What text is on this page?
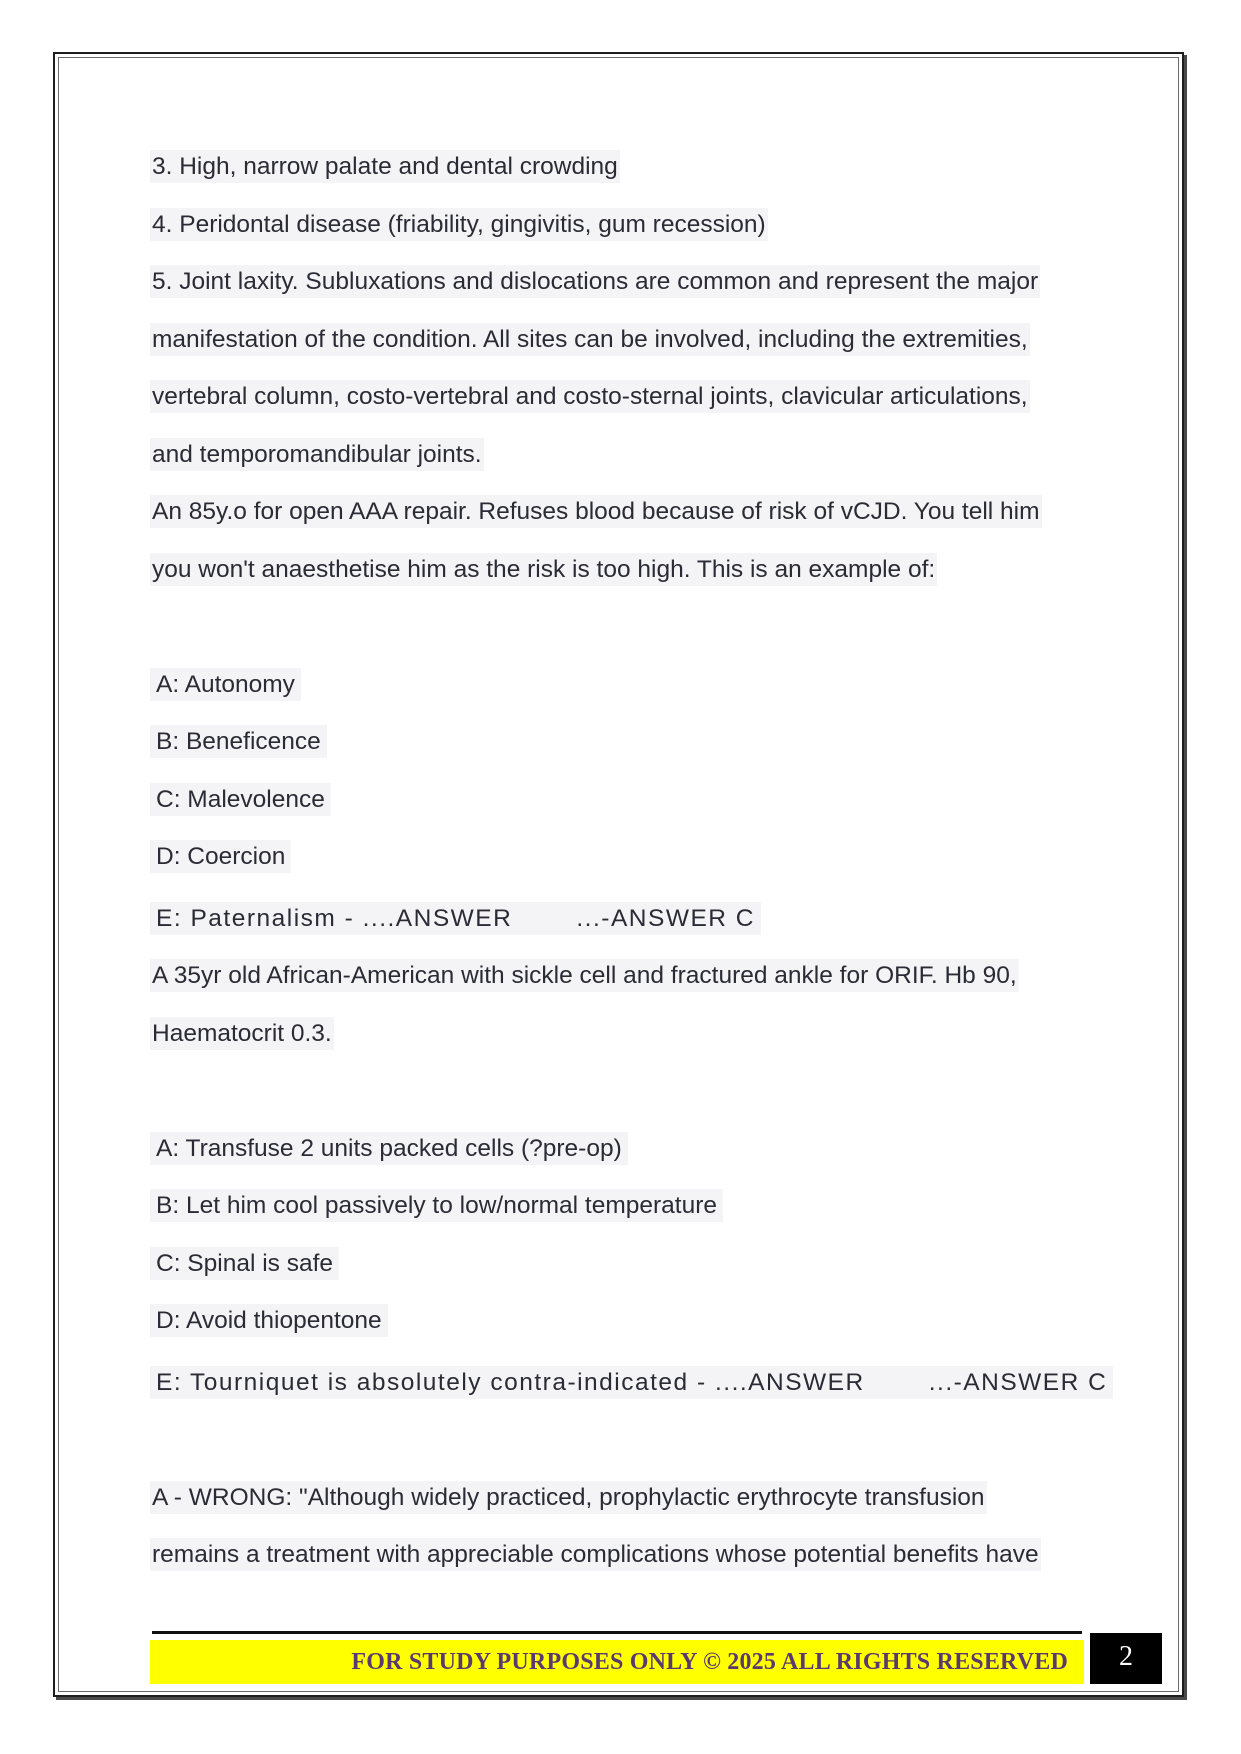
3. High, narrow palate and dental crowding
4. Peridontal disease (friability, gingivitis, gum recession)
5. Joint laxity. Subluxations and dislocations are common and represent the major
manifestation of the condition. All sites can be involved, including the extremities,
vertebral column, costo-vertebral and costo-sternal joints, clavicular articulations,
and temporomandibular joints.
An 85y.o for open AAA repair. Refuses blood because of risk of vCJD. You tell him
you won't anaesthetise him as the risk is too high. This is an example of:
A: Autonomy
B: Beneficence
C: Malevolence
D: Coercion
E: Paternalism - ....ANSWER	...-ANSWER C
A 35yr old African-American with sickle cell and fractured ankle for ORIF. Hb 90,
Haematocrit 0.3.
A: Transfuse 2 units packed cells (?pre-op)
B: Let him cool passively to low/normal temperature
C: Spinal is safe
D: Avoid thiopentone
E: Tourniquet is absolutely contra-indicated - ....ANSWER	...-ANSWER C
A - WRONG: "Although widely practiced, prophylactic erythrocyte transfusion
remains a treatment with appreciable complications whose potential benefits have
FOR STUDY PURPOSES ONLY © 2025 ALL RIGHTS RESERVED	2
